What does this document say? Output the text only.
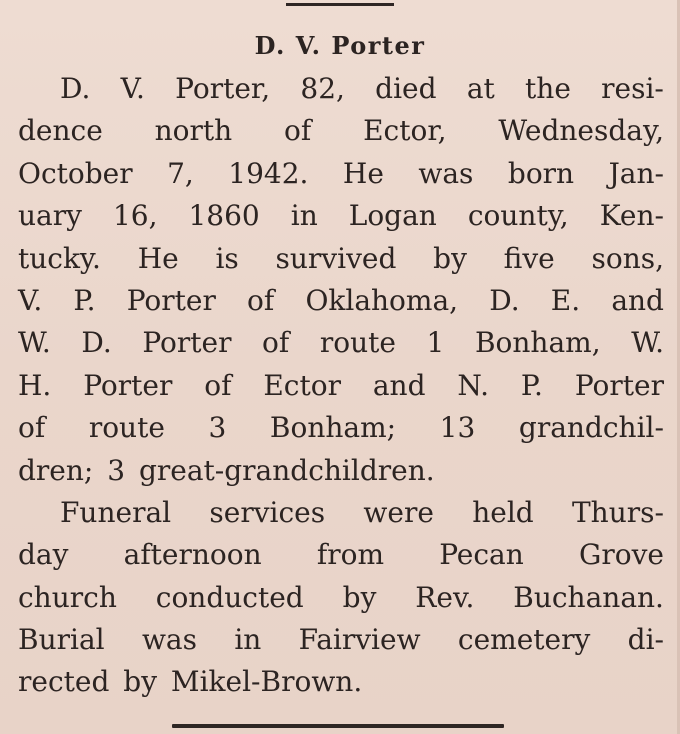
D. V. Porter
D. V. Porter, 82, died at the resi-
dence north of Ector, Wednesday,
October 7, 1942. He was born Jan-
uary 16, 1860 in Logan county, Ken-
tucky. He is survived by five sons,
V. P. Porter of Oklahoma, D. E. and
W. D. Porter of route 1 Bonham, W.
H. Porter of Ector and N. P. Porter
of route 3 Bonham; 13 grandchil-
dren; 3 great-grandchildren.
Funeral services were held Thurs-
day afternoon from Pecan Grove
church conducted by Rev. Buchanan.
Burial was in Fairview cemetery di-
rected by Mikel-Brown.
